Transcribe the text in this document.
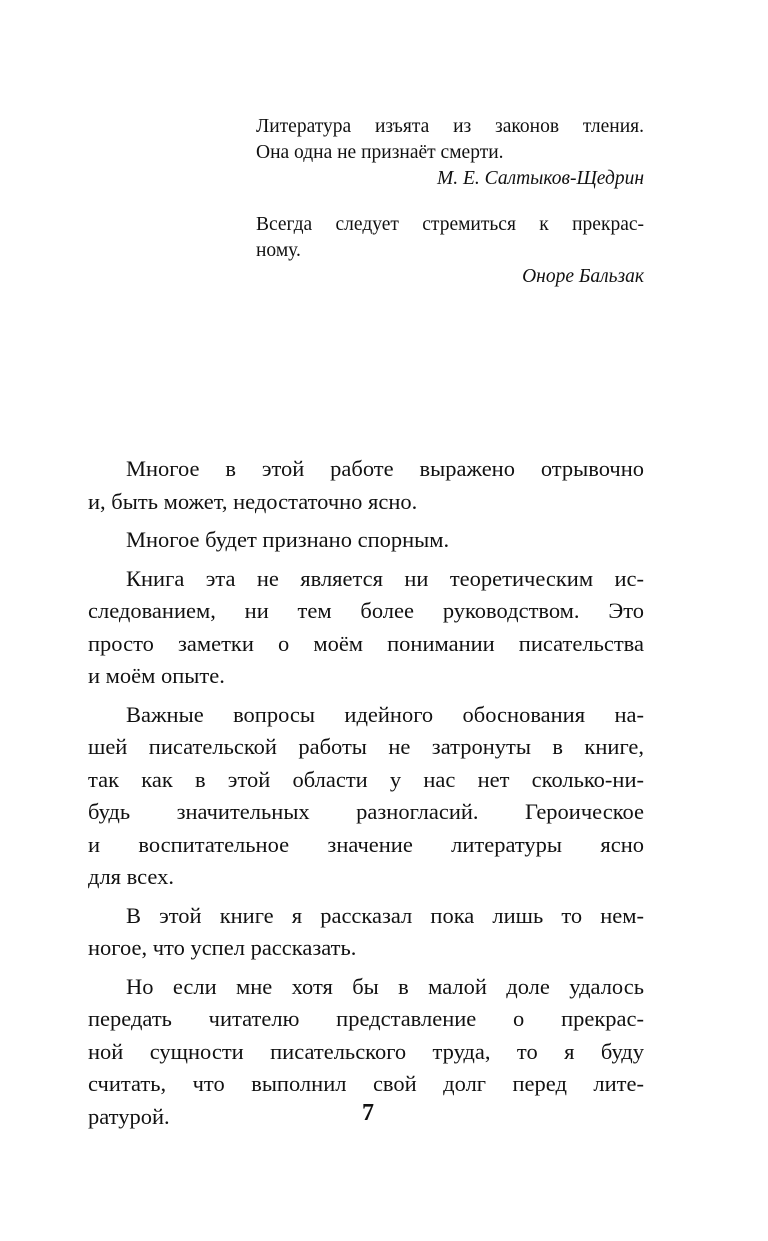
Литература изъята из законов тления.
Она одна не признаёт смерти.
М. Е. Салтыков-Щедрин
Всегда следует стремиться к прекрас-
ному.
Оноре Бальзак
Многое в этой работе выражено отрывочно
и, быть может, недостаточно ясно.
Многое будет признано спорным.
Книга эта не является ни теоретическим ис-
следованием, ни тем более руководством. Это
просто заметки о моём понимании писательства
и моём опыте.
Важные вопросы идейного обоснования на-
шей писательской работы не затронуты в книге,
так как в этой области у нас нет сколько-ни-
будь значительных разногласий. Героическое
и воспитательное значение литературы ясно
для всех.
В этой книге я рассказал пока лишь то нем-
ногое, что успел рассказать.
Но если мне хотя бы в малой доле удалось
передать читателю представление о прекрас-
ной сущности писательского труда, то я буду
считать, что выполнил свой долг перед лите-
ратурой.	7
